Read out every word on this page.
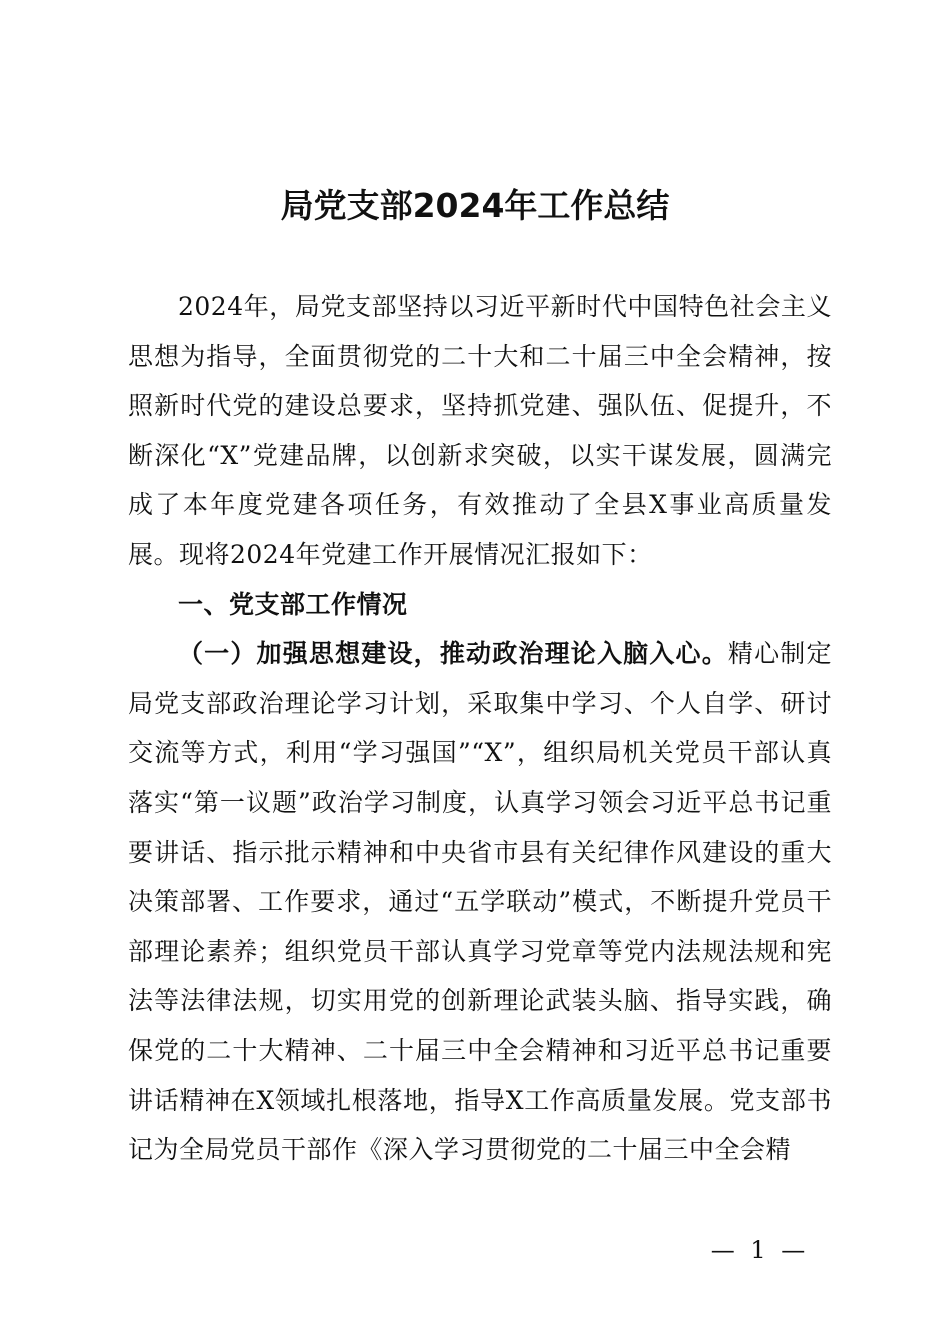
局党支部2024年工作总结

2024年，局党支部坚持以习近平新时代中国特色社会主义思想为指导，全面贯彻党的二十大和二十届三中全会精神，按照新时代党的建设总要求，坚持抓党建、强队伍、促提升，不断深化“X”党建品牌，以创新求突破，以实干谋发展，圆满完成了本年度党建各项任务，有效推动了全县X事业高质量发展。现将2024年党建工作开展情况汇报如下：

一、党支部工作情况

（一）加强思想建设，推动政治理论入脑入心。精心制定局党支部政治理论学习计划，采取集中学习、个人自学、研讨交流等方式，利用“学习强国”“X”，组织局机关党员干部认真落实“第一议题”政治学习制度，认真学习领会习近平总书记重要讲话、指示批示精神和中央省市县有关纪律作风建设的重大决策部署、工作要求，通过“五学联动”模式，不断提升党员干部理论素养；组织党员干部认真学习党章等党内法规法规和宪法等法律法规，切实用党的创新理论武装头脑、指导实践，确保党的二十大精神、二十届三中全会精神和习近平总书记重要讲话精神在X领域扎根落地，指导X工作高质量发展。党支部书记为全局党员干部作《深入学习贯彻党的二十届三中全会精

— 1 —
